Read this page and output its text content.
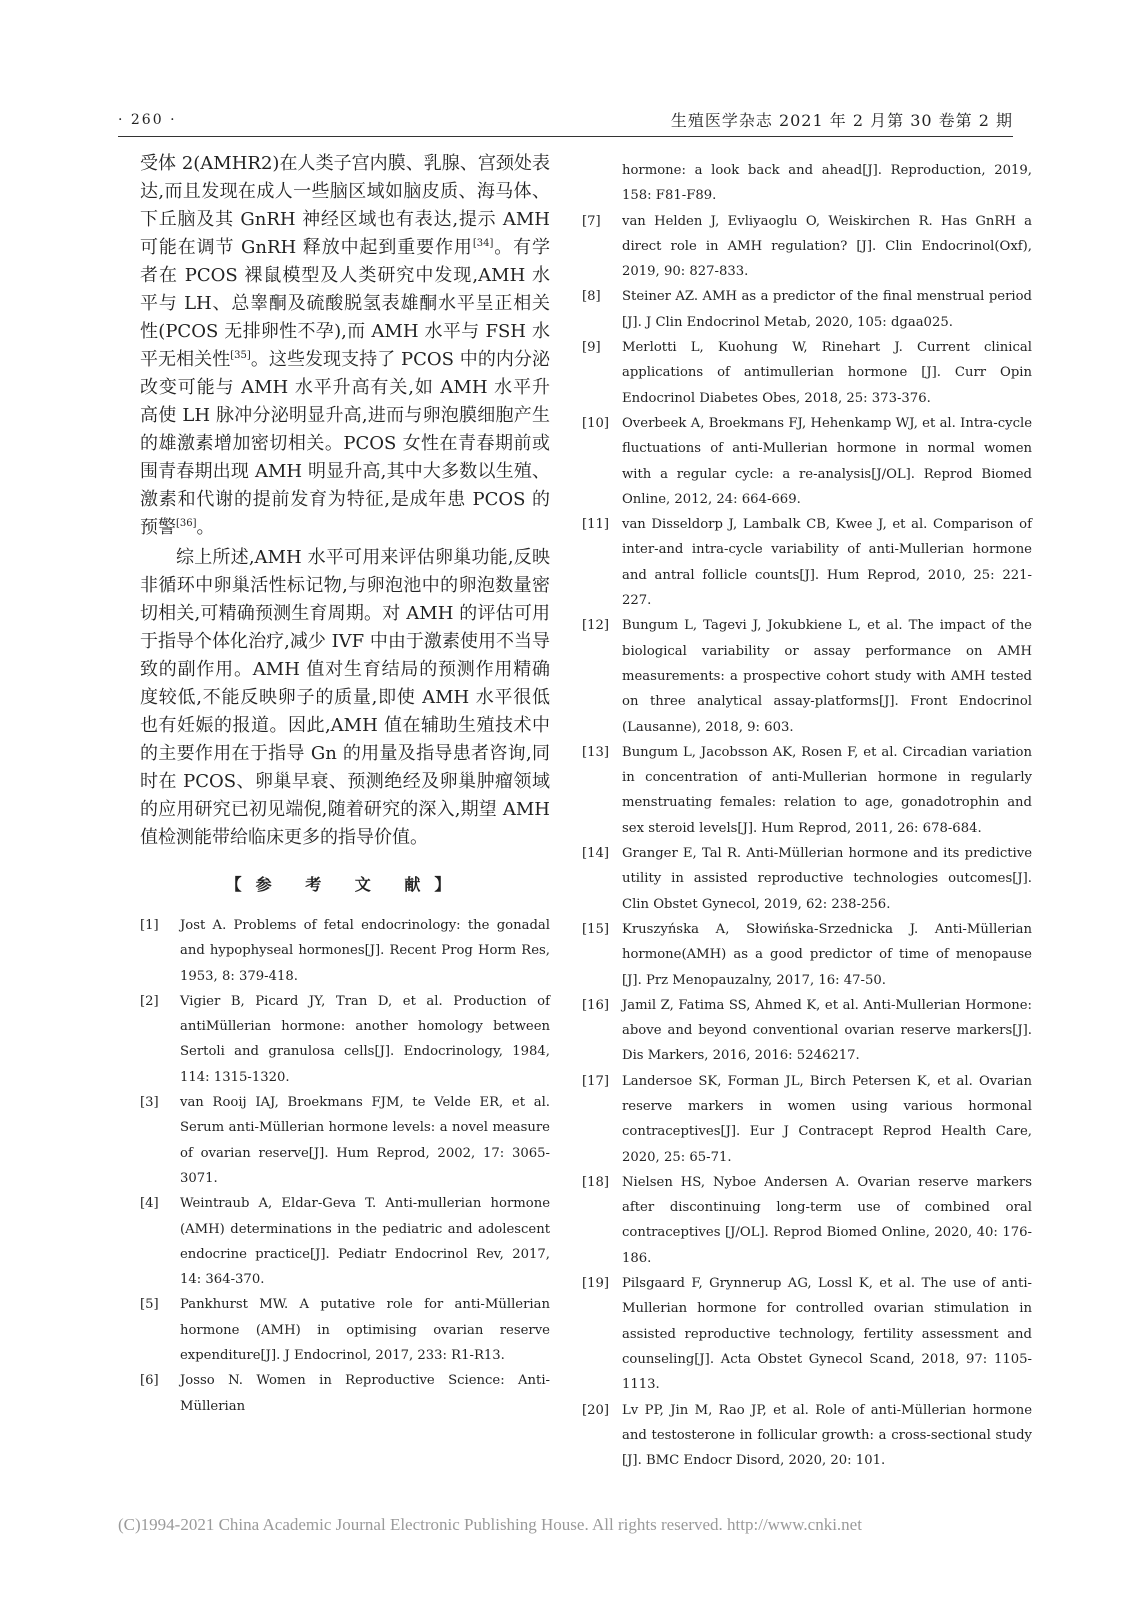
· 260 ·	生殖医学杂志 2021 年 2 月第 30 卷第 2 期

受体 2(AMHR2)在人类子宫内膜、乳腺、宫颈处表达,而且发现在成人一些脑区域如脑皮质、海马体、下丘脑及其 GnRH 神经区域也有表达,提示 AMH 可能在调节 GnRH 释放中起到重要作用[34]。有学者在 PCOS 裸鼠模型及人类研究中发现,AMH 水平与 LH、总睾酮及硫酸脱氢表雄酮水平呈正相关性(PCOS 无排卵性不孕),而 AMH 水平与 FSH 水平无相关性[35]。这些发现支持了 PCOS 中的内分泌改变可能与 AMH 水平升高有关,如 AMH 水平升高使 LH 脉冲分泌明显升高,进而与卵泡膜细胞产生的雄激素增加密切相关。PCOS 女性在青春期前或围青春期出现 AMH 明显升高,其中大多数以生殖、激素和代谢的提前发育为特征,是成年患 PCOS 的预警[36]。

综上所述,AMH 水平可用来评估卵巢功能,反映非循环中卵巢活性标记物,与卵泡池中的卵泡数量密切相关,可精确预测生育周期。对 AMH 的评估可用于指导个体化治疗,减少 IVF 中由于激素使用不当导致的副作用。AMH 值对生育结局的预测作用精确度较低,不能反映卵子的质量,即使 AMH 水平很低也有妊娠的报道。因此,AMH 值在辅助生殖技术中的主要作用在于指导 Gn 的用量及指导患者咨询,同时在 PCOS、卵巢早衰、预测绝经及卵巢肿瘤领域的应用研究已初见端倪,随着研究的深入,期望 AMH 值检测能带给临床更多的指导价值。

【参 考 文 献】
[1]	Jost A. Problems of fetal endocrinology: the gonadal and hypophyseal hormones[J]. Recent Prog Horm Res, 1953, 8: 379-418.
[2]	Vigier B, Picard JY, Tran D, et al. Production of antiMüllerian hormone: another homology between Sertoli and granulosa cells[J]. Endocrinology, 1984, 114: 1315-1320.
[3]	van Rooij IAJ, Broekmans FJM, te Velde ER, et al. Serum anti-Müllerian hormone levels: a novel measure of ovarian reserve[J]. Hum Reprod, 2002, 17: 3065-3071.
[4]	Weintraub A, Eldar-Geva T. Anti-mullerian hormone (AMH) determinations in the pediatric and adolescent endocrine practice[J]. Pediatr Endocrinol Rev, 2017, 14: 364-370.
[5]	Pankhurst MW. A putative role for anti-Müllerian hormone (AMH) in optimising ovarian reserve expenditure[J]. J Endocrinol, 2017, 233: R1-R13.
[6]	Josso N. Women in Reproductive Science: Anti-Müllerian
hormone: a look back and ahead[J]. Reproduction, 2019, 158: F81-F89.
[7]	van Helden J, Evliyaoglu O, Weiskirchen R. Has GnRH a direct role in AMH regulation? [J]. Clin Endocrinol(Oxf), 2019, 90: 827-833.
[8]	Steiner AZ. AMH as a predictor of the final menstrual period [J]. J Clin Endocrinol Metab, 2020, 105: dgaa025.
[9]	Merlotti L, Kuohung W, Rinehart J. Current clinical applications of antimullerian hormone [J]. Curr Opin Endocrinol Diabetes Obes, 2018, 25: 373-376.
[10] Overbeek A, Broekmans FJ, Hehenkamp WJ, et al. Intra-cycle fluctuations of anti-Mullerian hormone in normal women with a regular cycle: a re-analysis[J/OL]. Reprod Biomed Online, 2012, 24: 664-669.
[11] van Disseldorp J, Lambalk CB, Kwee J, et al. Comparison of inter-and intra-cycle variability of anti-Mullerian hormone and antral follicle counts[J]. Hum Reprod, 2010, 25: 221-227.
[12] Bungum L, Tagevi J, Jokubkiene L, et al. The impact of the biological variability or assay performance on AMH measurements: a prospective cohort study with AMH tested on three analytical assay-platforms[J]. Front Endocrinol (Lausanne), 2018, 9: 603.
[13] Bungum L, Jacobsson AK, Rosen F, et al. Circadian variation in concentration of anti-Mullerian hormone in regularly menstruating females: relation to age, gonadotrophin and sex steroid levels[J]. Hum Reprod, 2011, 26: 678-684.
[14] Granger E, Tal R. Anti-Müllerian hormone and its predictive utility in assisted reproductive technologies outcomes[J]. Clin Obstet Gynecol, 2019, 62: 238-256.
[15] Kruszyńska A, Słowińska-Srzednicka J. Anti-Müllerian hormone(AMH) as a good predictor of time of menopause [J]. Prz Menopauzalny, 2017, 16: 47-50.
[16] Jamil Z, Fatima SS, Ahmed K, et al. Anti-Mullerian Hormone: above and beyond conventional ovarian reserve markers[J]. Dis Markers, 2016, 2016: 5246217.
[17] Landersoe SK, Forman JL, Birch Petersen K, et al. Ovarian reserve markers in women using various hormonal contraceptives[J]. Eur J Contracept Reprod Health Care, 2020, 25: 65-71.
[18] Nielsen HS, Nyboe Andersen A. Ovarian reserve markers after discontinuing long-term use of combined oral contraceptives [J/OL]. Reprod Biomed Online, 2020, 40: 176-186.
[19] Pilsgaard F, Grynnerup AG, Lossl K, et al. The use of anti-Mullerian hormone for controlled ovarian stimulation in assisted reproductive technology, fertility assessment and counseling[J]. Acta Obstet Gynecol Scand, 2018, 97: 1105-1113.
[20] Lv PP, Jin M, Rao JP, et al. Role of anti-Müllerian hormone and testosterone in follicular growth: a cross-sectional study [J]. BMC Endocr Disord, 2020, 20: 101.
(C)1994-2021 China Academic Journal Electronic Publishing House. All rights reserved. http://www.cnki.net
